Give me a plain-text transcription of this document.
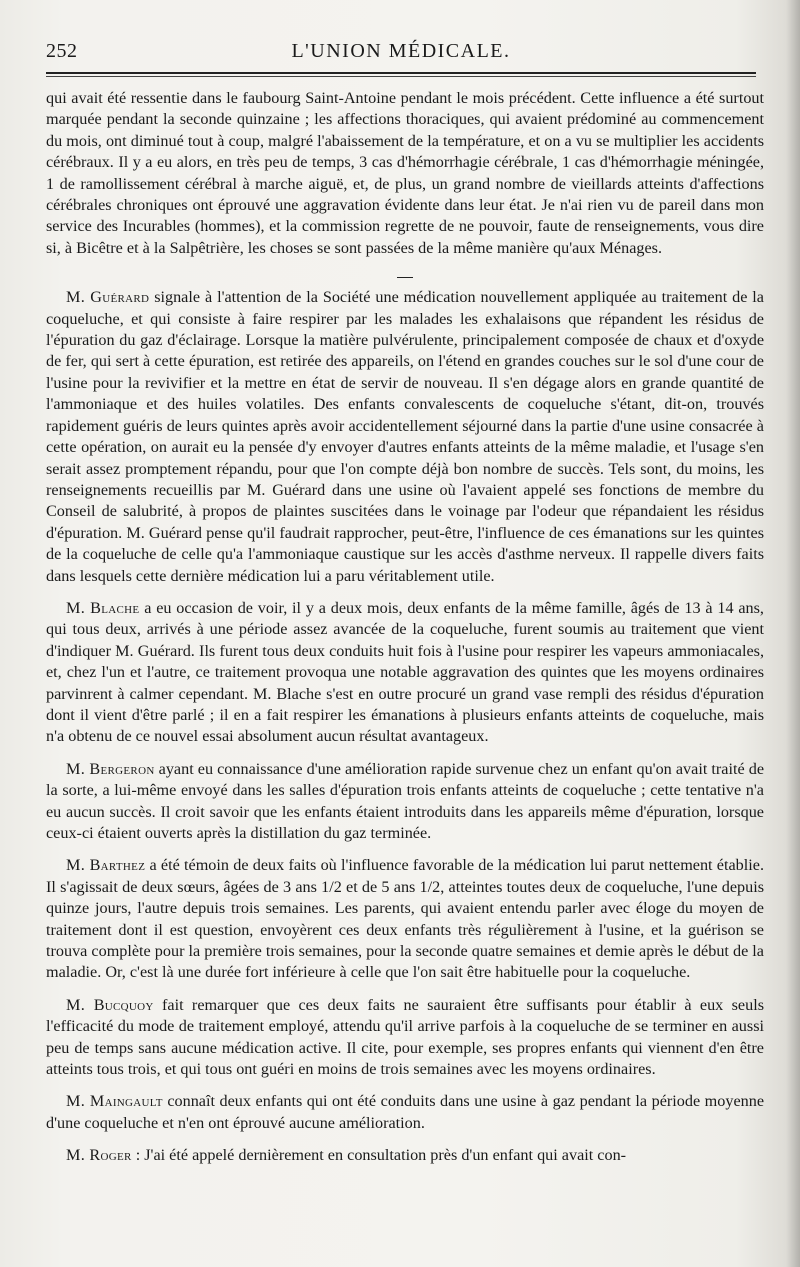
252	L'UNION MÉDICALE.

qui avait été ressentie dans le faubourg Saint-Antoine pendant le mois précédent. Cette influence a été surtout marquée pendant la seconde quinzaine ; les affections thoraciques, qui avaient prédominé au commencement du mois, ont diminué tout à coup, malgré l'abaissement de la température, et on a vu se multiplier les accidents cérébraux. Il y a eu alors, en très peu de temps, 3 cas d'hémorrhagie cérébrale, 1 cas d'hémorrhagie méningée, 1 de ramollissement cérébral à marche aiguë, et, de plus, un grand nombre de vieillards atteints d'affections cérébrales chroniques ont éprouvé une aggravation évidente dans leur état. Je n'ai rien vu de pareil dans mon service des Incurables (hommes), et la commission regrette de ne pouvoir, faute de renseignements, vous dire si, à Bicêtre et à la Salpêtrière, les choses se sont passées de la même manière qu'aux Ménages.

M. Guérard signale à l'attention de la Société une médication nouvellement appliquée au traitement de la coqueluche, et qui consiste à faire respirer par les malades les exhalaisons que répandent les résidus de l'épuration du gaz d'éclairage. Lorsque la matière pulvérulente, principalement composée de chaux et d'oxyde de fer, qui sert à cette épuration, est retirée des appareils, on l'étend en grandes couches sur le sol d'une cour de l'usine pour la revivifier et la mettre en état de servir de nouveau. Il s'en dégage alors en grande quantité de l'ammoniaque et des huiles volatiles. Des enfants convalescents de coqueluche s'étant, dit-on, trouvés rapidement guéris de leurs quintes après avoir accidentellement séjourné dans la partie d'une usine consacrée à cette opération, on aurait eu la pensée d'y envoyer d'autres enfants atteints de la même maladie, et l'usage s'en serait assez promptement répandu, pour que l'on compte déjà bon nombre de succès. Tels sont, du moins, les renseignements recueillis par M. Guérard dans une usine où l'avaient appelé ses fonctions de membre du Conseil de salubrité, à propos de plaintes suscitées dans le voinage par l'odeur que répandaient les résidus d'épuration. M. Guérard pense qu'il faudrait rapprocher, peut-être, l'influence de ces émanations sur les quintes de la coqueluche de celle qu'a l'ammoniaque caustique sur les accès d'asthme nerveux. Il rappelle divers faits dans lesquels cette dernière médication lui a paru véritablement utile.

M. Blache a eu occasion de voir, il y a deux mois, deux enfants de la même famille, âgés de 13 à 14 ans, qui tous deux, arrivés à une période assez avancée de la coqueluche, furent soumis au traitement que vient d'indiquer M. Guérard. Ils furent tous deux conduits huit fois à l'usine pour respirer les vapeurs ammoniacales, et, chez l'un et l'autre, ce traitement provoqua une notable aggravation des quintes que les moyens ordinaires parvinrent à calmer cependant. M. Blache s'est en outre procuré un grand vase rempli des résidus d'épuration dont il vient d'être parlé ; il en a fait respirer les émanations à plusieurs enfants atteints de coqueluche, mais n'a obtenu de ce nouvel essai absolument aucun résultat avantageux.

M. Bergeron ayant eu connaissance d'une amélioration rapide survenue chez un enfant qu'on avait traité de la sorte, a lui-même envoyé dans les salles d'épuration trois enfants atteints de coqueluche ; cette tentative n'a eu aucun succès. Il croit savoir que les enfants étaient introduits dans les appareils même d'épuration, lorsque ceux-ci étaient ouverts après la distillation du gaz terminée.

M. Barthez a été témoin de deux faits où l'influence favorable de la médication lui parut nettement établie. Il s'agissait de deux sœurs, âgées de 3 ans 1/2 et de 5 ans 1/2, atteintes toutes deux de coqueluche, l'une depuis quinze jours, l'autre depuis trois semaines. Les parents, qui avaient entendu parler avec éloge du moyen de traitement dont il est question, envoyèrent ces deux enfants très régulièrement à l'usine, et la guérison se trouva complète pour la première trois semaines, pour la seconde quatre semaines et demie après le début de la maladie. Or, c'est là une durée fort inférieure à celle que l'on sait être habituelle pour la coqueluche.

M. Bucquoy fait remarquer que ces deux faits ne sauraient être suffisants pour établir à eux seuls l'efficacité du mode de traitement employé, attendu qu'il arrive parfois à la coqueluche de se terminer en aussi peu de temps sans aucune médication active. Il cite, pour exemple, ses propres enfants qui viennent d'en être atteints tous trois, et qui tous ont guéri en moins de trois semaines avec les moyens ordinaires.

M. Maingault connaît deux enfants qui ont été conduits dans une usine à gaz pendant la période moyenne d'une coqueluche et n'en ont éprouvé aucune amélioration.

M. Roger : J'ai été appelé dernièrement en consultation près d'un enfant qui avait con-
